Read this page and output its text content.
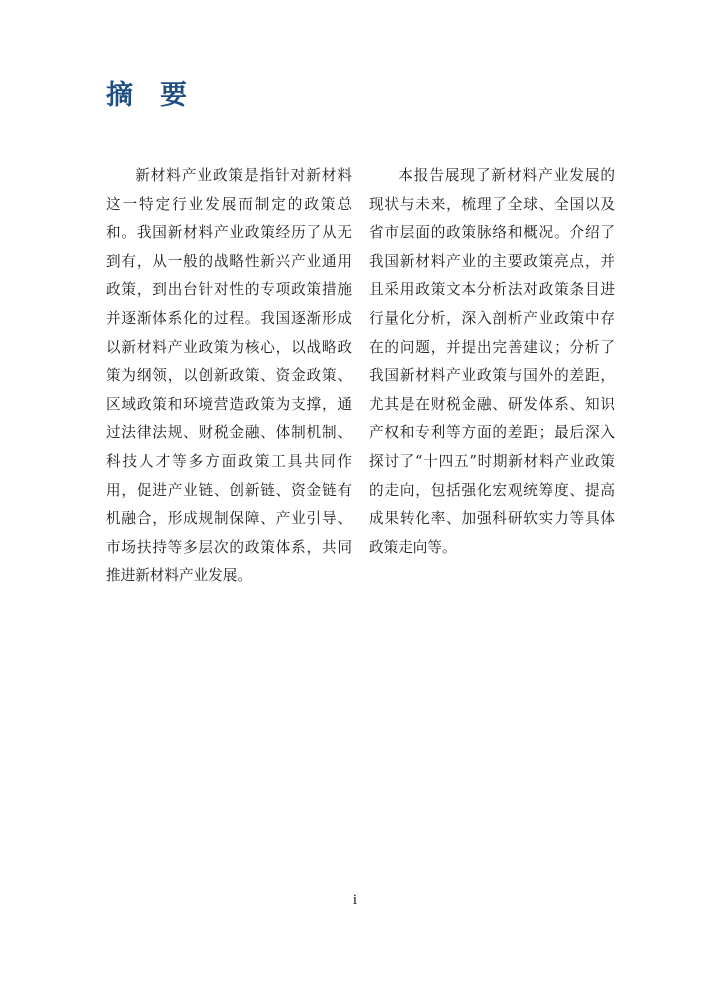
摘 要

新材料产业政策是指针对新材料这一特定行业发展而制定的政策总和。我国新材料产业政策经历了从无到有，从一般的战略性新兴产业通用政策，到出台针对性的专项政策措施并逐渐体系化的过程。我国逐渐形成以新材料产业政策为核心，以战略政策为纲领，以创新政策、资金政策、区域政策和环境营造政策为支撑，通过法律法规、财税金融、体制机制、科技人才等多方面政策工具共同作用，促进产业链、创新链、资金链有机融合，形成规制保障、产业引导、市场扶持等多层次的政策体系，共同推进新材料产业发展。

本报告展现了新材料产业发展的现状与未来，梳理了全球、全国以及省市层面的政策脉络和概况。介绍了我国新材料产业的主要政策亮点，并且采用政策文本分析法对政策条目进行量化分析，深入剖析产业政策中存在的问题，并提出完善建议；分析了我国新材料产业政策与国外的差距，尤其是在财税金融、研发体系、知识产权和专利等方面的差距；最后深入探讨了“十四五”时期新材料产业政策的走向，包括强化宏观统筹度、提高成果转化率、加强科研软实力等具体政策走向等。

i
